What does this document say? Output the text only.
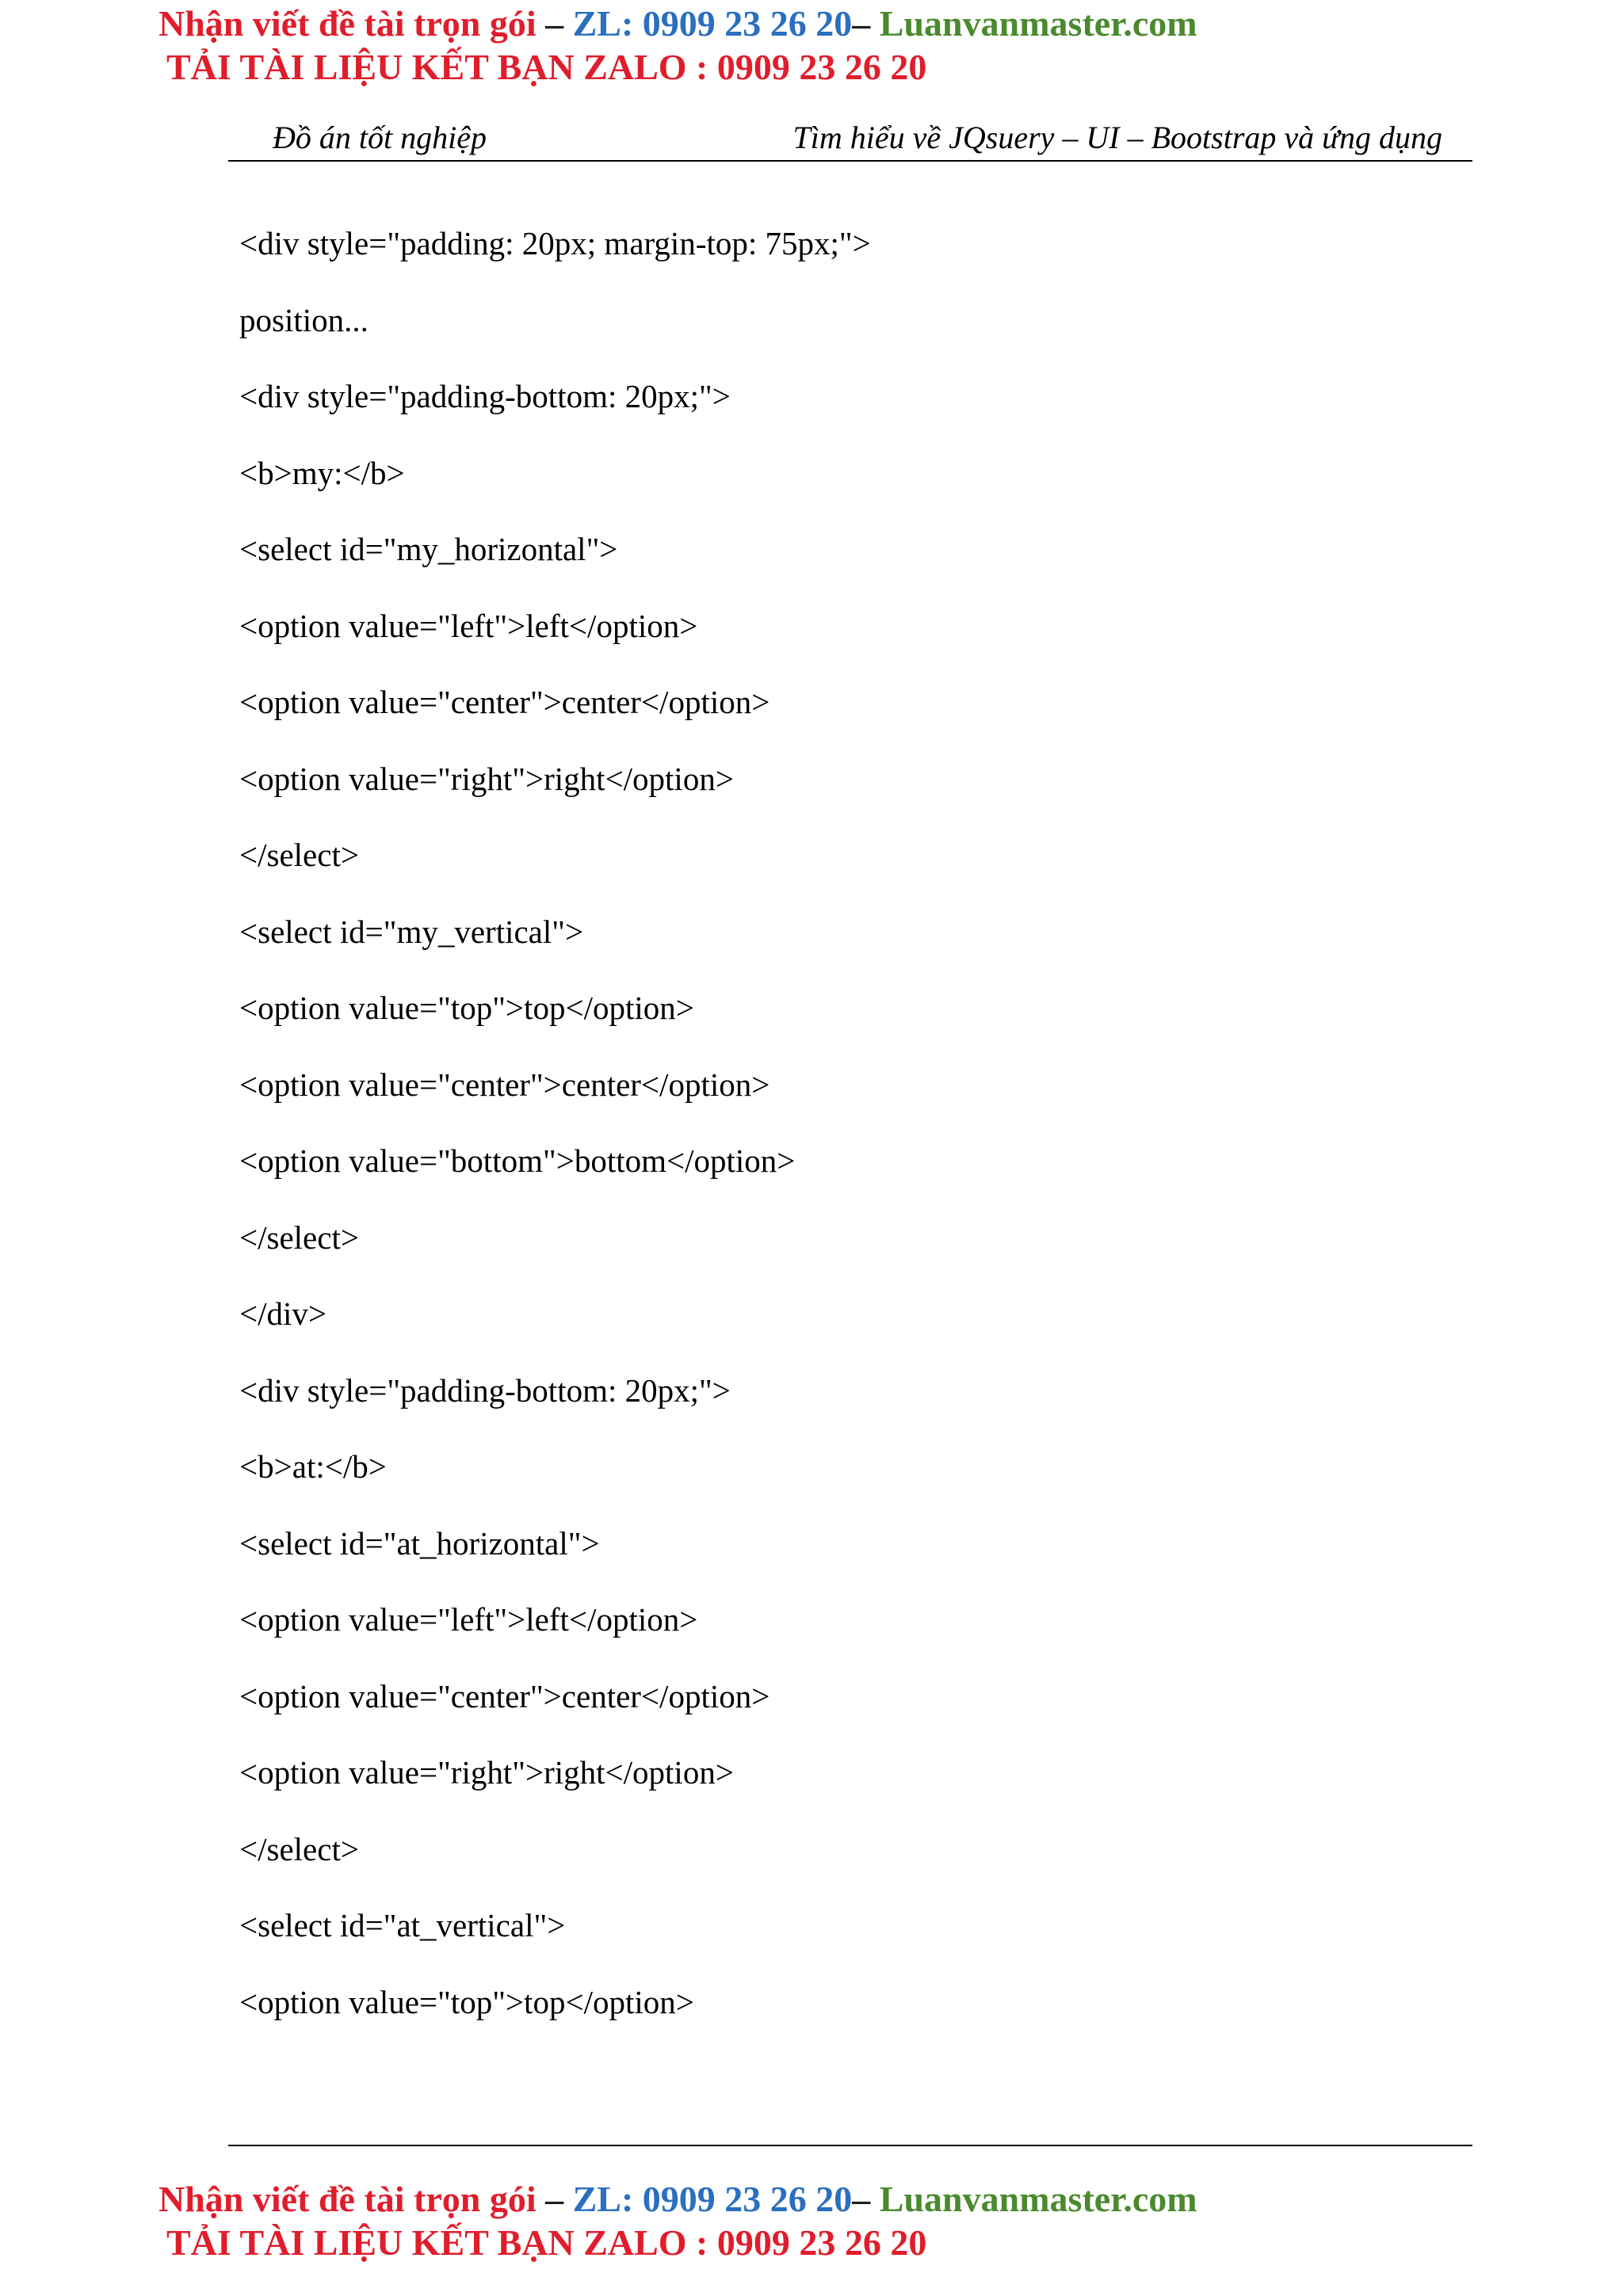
Nhận viết đề tài trọn gói – ZL: 0909 23 26 20– Luanvanmaster.com
TẢI TÀI LIỆU KẾT BẠN ZALO : 0909 23 26 20
Đồ án tốt nghiệp	Tìm hiểu về JQsuery – UI – Bootstrap và ứng dụng
<div style="padding: 20px; margin-top: 75px;">
position...
<div style="padding-bottom: 20px;">
<b>my:</b>
<select id="my_horizontal">
<option value="left">left</option>
<option value="center">center</option>
<option value="right">right</option>
</select>
<select id="my_vertical">
<option value="top">top</option>
<option value="center">center</option>
<option value="bottom">bottom</option>
</select>
</div>
<div style="padding-bottom: 20px;">
<b>at:</b>
<select id="at_horizontal">
<option value="left">left</option>
<option value="center">center</option>
<option value="right">right</option>
</select>
<select id="at_vertical">
<option value="top">top</option>
Nhận viết đề tài trọn gói – ZL: 0909 23 26 20– Luanvanmaster.com
TẢI TÀI LIỆU KẾT BẠN ZALO : 0909 23 26 20
